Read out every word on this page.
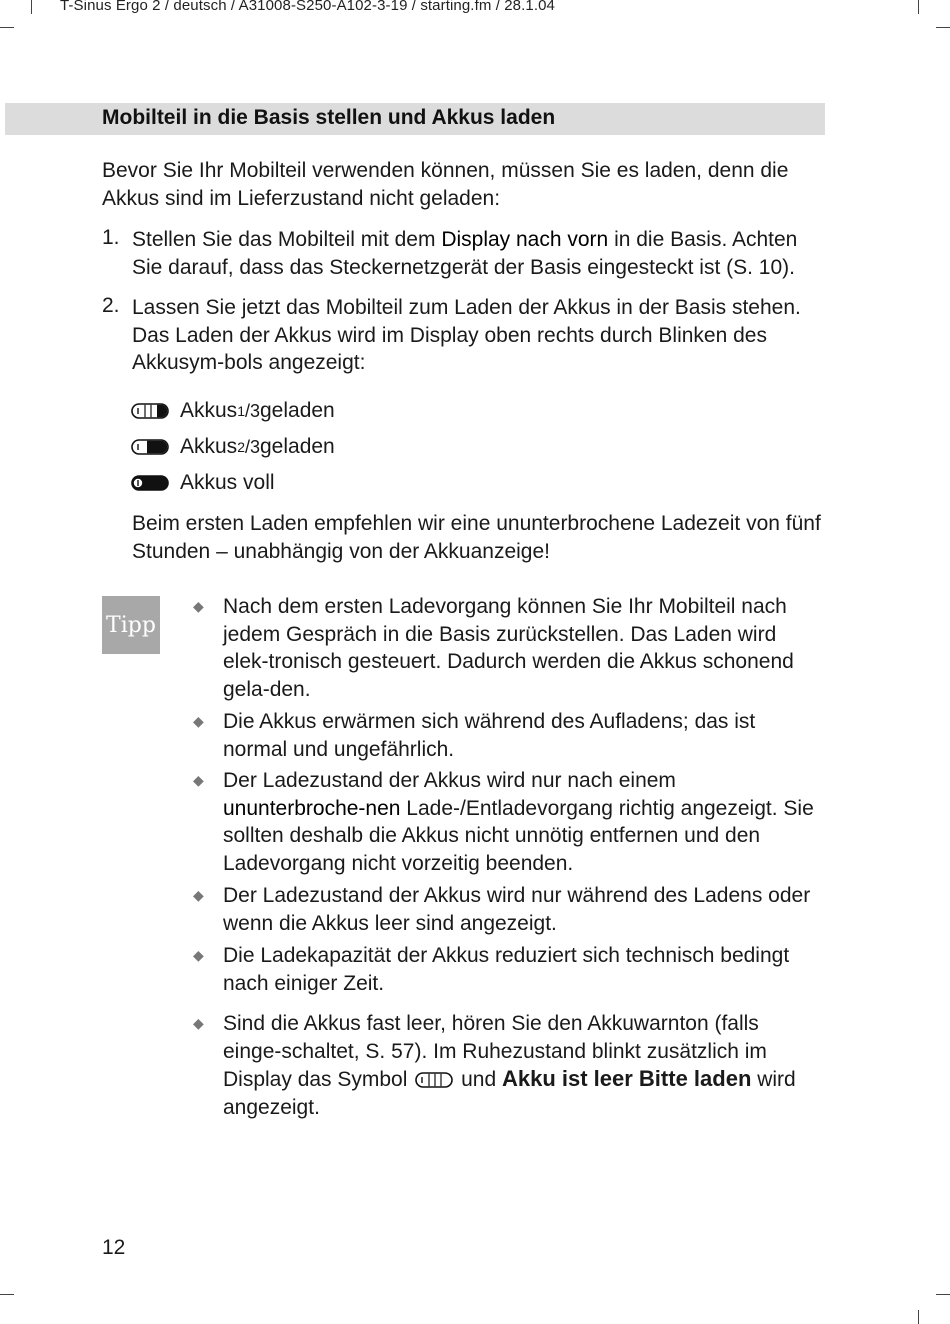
T-Sinus Ergo 2 / deutsch / A31008-S250-A102-3-19 / starting.fm / 28.1.04
Mobilteil in die Basis stellen und Akkus laden
Bevor Sie Ihr Mobilteil verwenden können, müssen Sie es laden, denn die Akkus sind im Lieferzustand nicht geladen:
1. Stellen Sie das Mobilteil mit dem Display nach vorn in die Basis. Achten Sie darauf, dass das Steckernetzgerät der Basis eingesteckt ist (S. 10).
2. Lassen Sie jetzt das Mobilteil zum Laden der Akkus in der Basis stehen. Das Laden der Akkus wird im Display oben rechts durch Blinken des Akkusym-bols angezeigt:
Akkus 1 /3 geladen
Akkus 2 /3 geladen
Akkus voll
Beim ersten Laden empfehlen wir eine ununterbrochene Ladezeit von fünf Stunden – unabhängig von der Akkuanzeige!
Tipp
◆ Nach dem ersten Ladevorgang können Sie Ihr Mobilteil nach jedem Gespräch in die Basis zurückstellen. Das Laden wird elek-tronisch gesteuert. Dadurch werden die Akkus schonend gela-den.
◆ Die Akkus erwärmen sich während des Aufladens; das ist normal und ungefährlich.
◆ Der Ladezustand der Akkus wird nur nach einem ununterbroche-nen Lade-/Entladevorgang richtig angezeigt. Sie sollten deshalb die Akkus nicht unnötig entfernen und den Ladevorgang nicht vorzeitig beenden.
◆ Der Ladezustand der Akkus wird nur während des Ladens oder wenn die Akkus leer sind angezeigt.
◆ Die Ladekapazität der Akkus reduziert sich technisch bedingt nach einiger Zeit.
◆ Sind die Akkus fast leer, hören Sie den Akkuwarnton (falls einge-schaltet, S. 57). Im Ruhezustand blinkt zusätzlich im Display das Symbol  und Akku ist leer Bitte laden wird angezeigt.
12
